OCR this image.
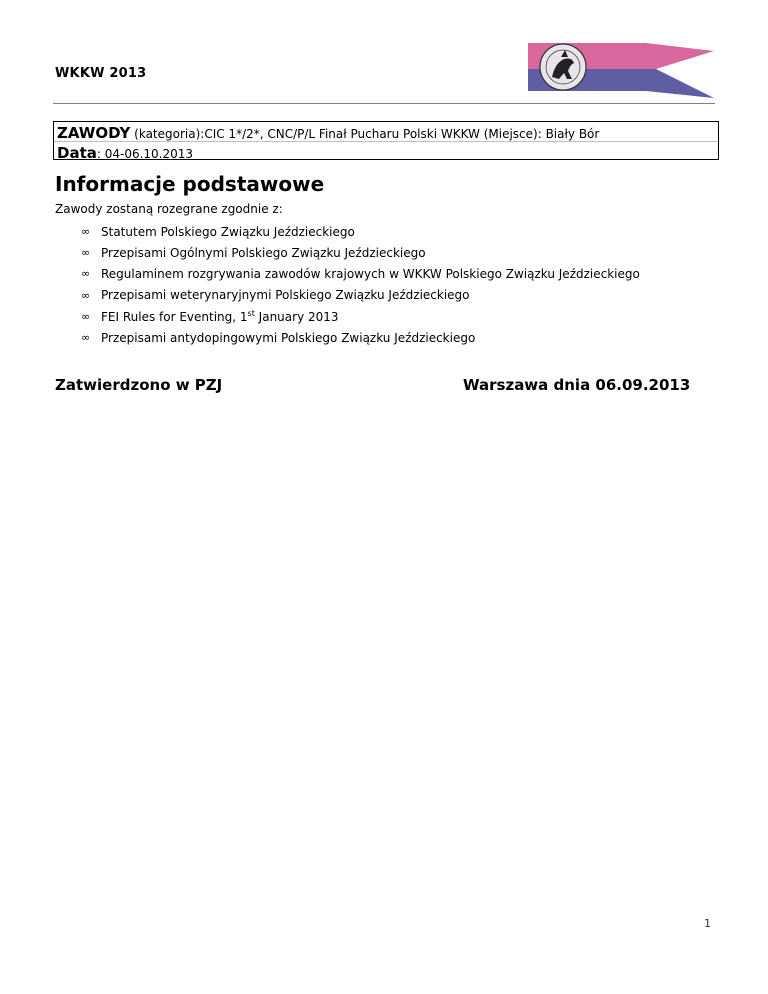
WKKW 2013
ZAWODY (kategoria):CIC 1*/2*, CNC/P/L Finał Pucharu Polski WKKW (Miejsce): Biały Bór
Data: 04-06.10.2013
Informacje podstawowe
Zawody zostaną rozegrane zgodnie z:
∞ Statutem Polskiego Związku Jeździeckiego
∞ Przepisami Ogólnymi Polskiego Związku Jeździeckiego
∞ Regulaminem rozgrywania zawodów krajowych w WKKW Polskiego Związku Jeździeckiego
∞ Przepisami weterynaryjnymi Polskiego Związku Jeździeckiego
∞ FEI Rules for Eventing, 1st January 2013
∞ Przepisami antydopingowymi Polskiego Związku Jeździeckiego
Zatwierdzono w PZJ	Warszawa dnia 06.09.2013
1
